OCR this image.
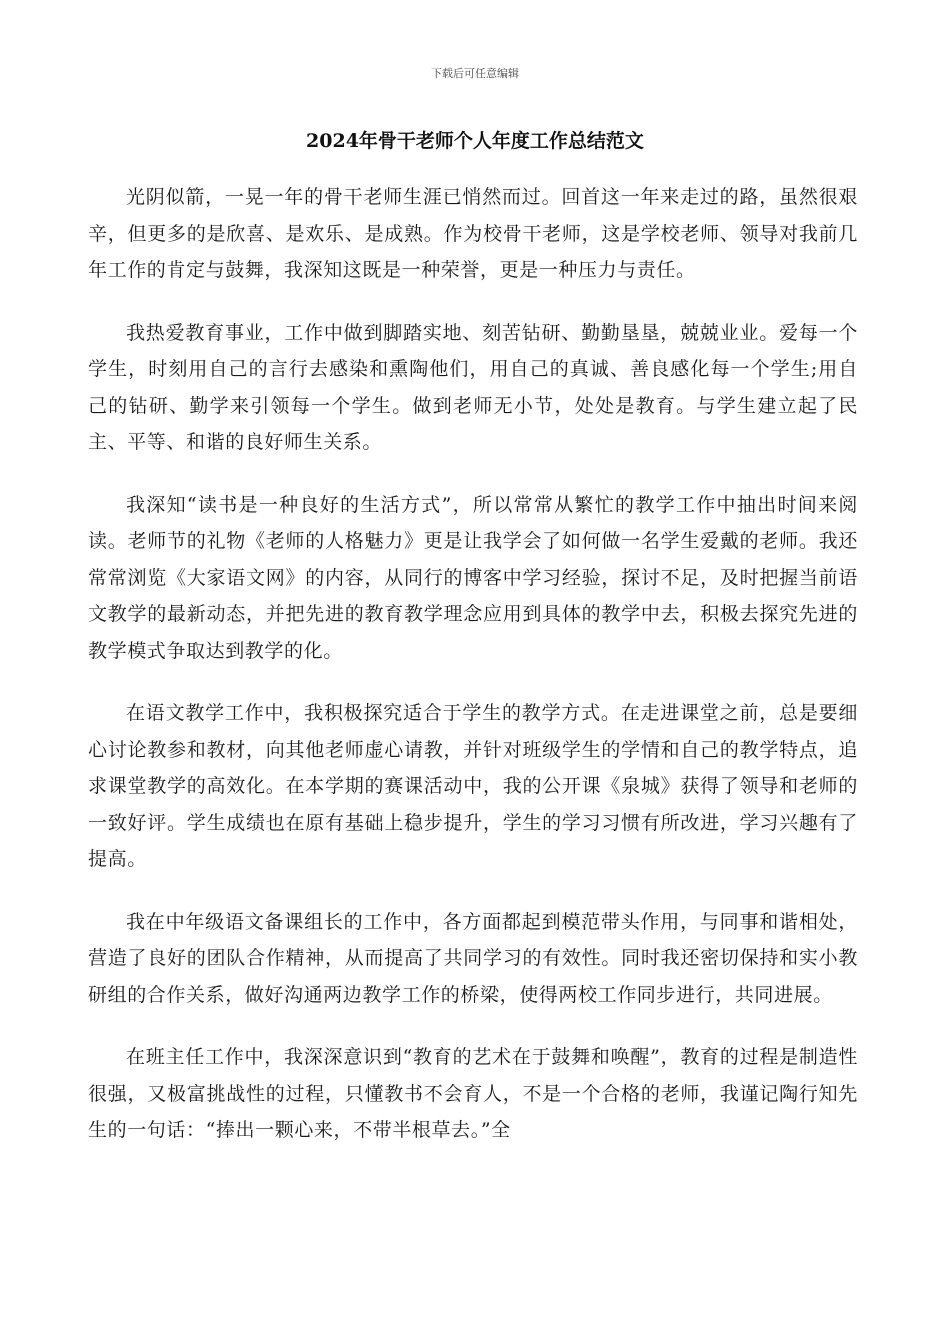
下载后可任意编辑
2024年骨干老师个人年度工作总结范文

光阴似箭，一晃一年的骨干老师生涯已悄然而过。回首这一年来走过的路，虽然很艰辛，但更多的是欣喜、是欢乐、是成熟。作为校骨干老师，这是学校老师、领导对我前几年工作的肯定与鼓舞，我深知这既是一种荣誉，更是一种压力与责任。

我热爱教育事业，工作中做到脚踏实地、刻苦钻研、勤勤垦垦，兢兢业业。爱每一个学生，时刻用自己的言行去感染和熏陶他们，用自己的真诚、善良感化每一个学生;用自己的钻研、勤学来引领每一个学生。做到老师无小节，处处是教育。与学生建立起了民主、平等、和谐的良好师生关系。

我深知“读书是一种良好的生活方式”，所以常常从繁忙的教学工作中抽出时间来阅读。老师节的礼物《老师的人格魅力》更是让我学会了如何做一名学生爱戴的老师。我还常常浏览《大家语文网》的内容，从同行的博客中学习经验，探讨不足，及时把握当前语文教学的最新动态，并把先进的教育教学理念应用到具体的教学中去，积极去探究先进的教学模式争取达到教学的化。

在语文教学工作中，我积极探究适合于学生的教学方式。在走进课堂之前，总是要细心讨论教参和教材，向其他老师虚心请教，并针对班级学生的学情和自己的教学特点，追求课堂教学的高效化。在本学期的赛课活动中，我的公开课《泉城》获得了领导和老师的一致好评。学生成绩也在原有基础上稳步提升，学生的学习习惯有所改进，学习兴趣有了提高。

我在中年级语文备课组长的工作中，各方面都起到模范带头作用，与同事和谐相处，营造了良好的团队合作精神，从而提高了共同学习的有效性。同时我还密切保持和实小教研组的合作关系，做好沟通两边教学工作的桥梁，使得两校工作同步进行，共同进展。

在班主任工作中，我深深意识到“教育的艺术在于鼓舞和唤醒”，教育的过程是制造性很强，又极富挑战性的过程，只懂教书不会育人，不是一个合格的老师，我谨记陶行知先生的一句话：“捧出一颗心来，不带半根草去。”全
